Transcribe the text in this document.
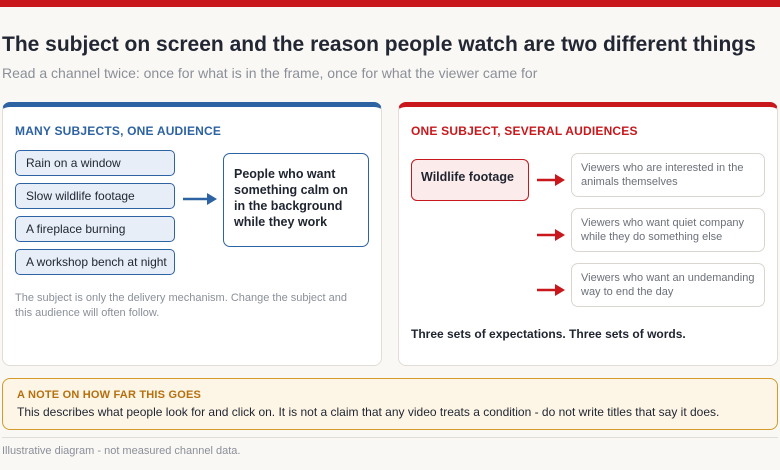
The subject on screen and the reason people watch are two different things
Read a channel twice: once for what is in the frame, once for what the viewer came for
MANY SUBJECTS, ONE AUDIENCE
Rain on a window
Slow wildlife footage
A fireplace burning
A workshop bench at night
People who want something calm on in the background while they work
The subject is only the delivery mechanism. Change the subject and this audience will often follow.
ONE SUBJECT, SEVERAL AUDIENCES
Wildlife footage
Viewers who are interested in the animals themselves
Viewers who want quiet company while they do something else
Viewers who want an undemanding way to end the day
Three sets of expectations. Three sets of words.
A NOTE ON HOW FAR THIS GOES
This describes what people look for and click on. It is not a claim that any video treats a condition - do not write titles that say it does.
Illustrative diagram - not measured channel data.
